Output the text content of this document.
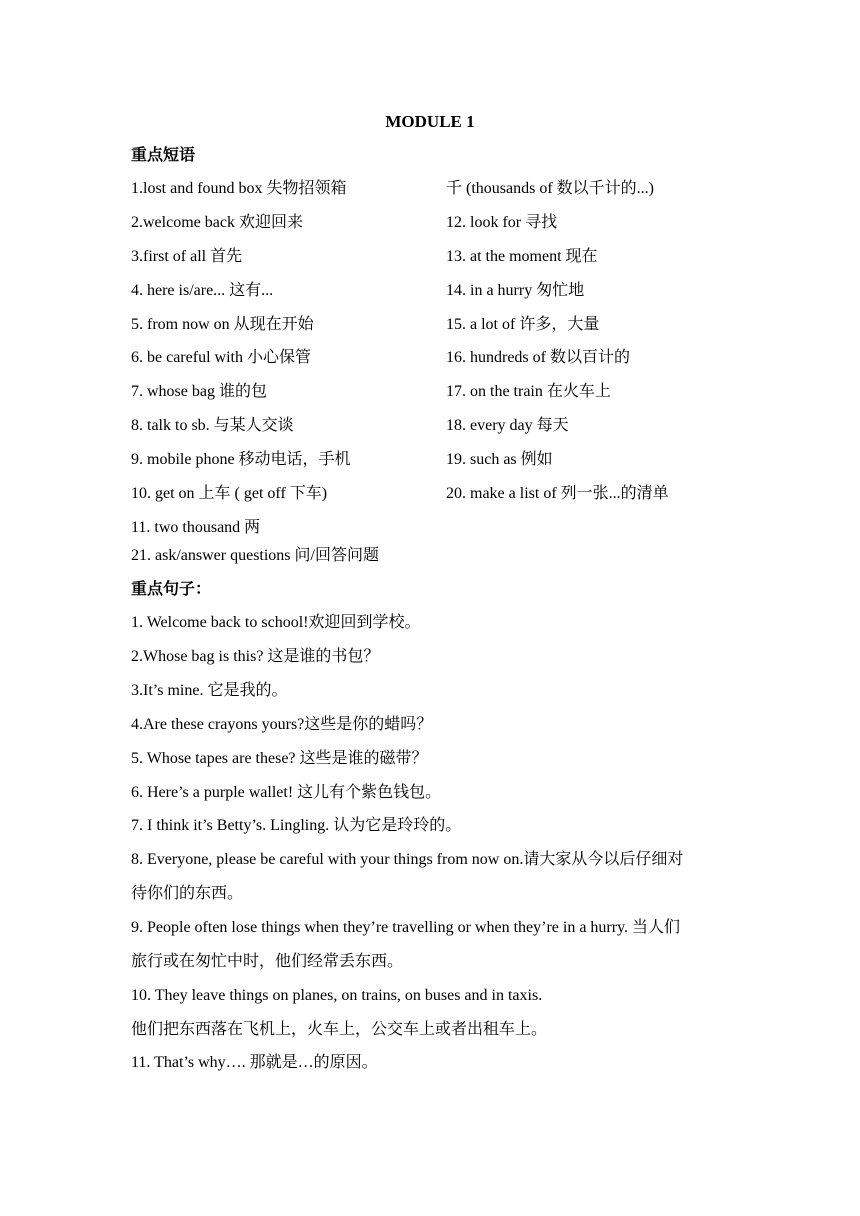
MODULE 1
重点短语
1.lost and found box 失物招领箱
2.welcome back 欢迎回来
3.first of all 首先
4. here is/are... 这有...
5. from now on 从现在开始
6. be careful with 小心保管
7. whose bag 谁的包
8. talk to sb. 与某人交谈
9. mobile phone 移动电话，手机
10. get on 上车 ( get off 下车)
11. two thousand 两
千 (thousands of 数以千计的...)
12. look for 寻找
13. at the moment 现在
14. in a hurry 匆忙地
15. a lot of 许多，大量
16. hundreds of 数以百计的
17. on the train 在火车上
18. every day 每天
19. such as 例如
20. make a list of 列一张...的清单
21. ask/answer questions 问/回答问题
重点句子：
1. Welcome back to school!欢迎回到学校。
2.Whose bag is this? 这是谁的书包？
3.It’s mine. 它是我的。
4.Are these crayons yours?这些是你的蜡吗？
5. Whose tapes are these? 这些是谁的磁带？
6. Here’s a purple wallet! 这儿有个紫色钱包。
7. I think it’s Betty’s. Lingling. 认为它是玲玲的。
8. Everyone, please be careful with your things from now on.请大家从今以后仔细对
待你们的东西。
9. People often lose things when they’re travelling or when they’re in a hurry. 当人们
旅行或在匆忙中时，他们经常丢东西。
10. They leave things on planes, on trains, on buses and in taxis.
他们把东西落在飞机上，火车上，公交车上或者出租车上。
11. That’s why…. 那就是…的原因。
